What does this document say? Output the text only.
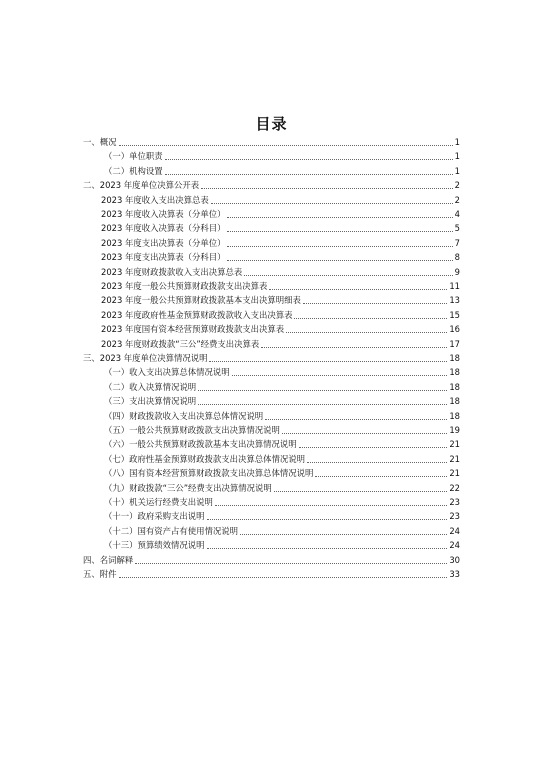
目录
一、概况	1
（一）单位职责	1
（二）机构设置	1
二、2023 年度单位决算公开表	2
2023 年度收入支出决算总表	2
2023 年度收入决算表（分单位）	4
2023 年度收入决算表（分科目）	5
2023 年度支出决算表（分单位）	7
2023 年度支出决算表（分科目）	8
2023 年度财政拨款收入支出决算总表	9
2023 年度一般公共预算财政拨款支出决算表	11
2023 年度一般公共预算财政拨款基本支出决算明细表	13
2023 年度政府性基金预算财政拨款收入支出决算表	15
2023 年度国有资本经营预算财政拨款支出决算表	16
2023 年度财政拨款“三公”经费支出决算表	17
三、2023 年度单位决算情况说明	18
（一）收入支出决算总体情况说明	18
（二）收入决算情况说明	18
（三）支出决算情况说明	18
（四）财政拨款收入支出决算总体情况说明	18
（五）一般公共预算财政拨款支出决算情况说明	19
（六）一般公共预算财政拨款基本支出决算情况说明	21
（七）政府性基金预算财政拨款支出决算总体情况说明	21
（八）国有资本经营预算财政拨款支出决算总体情况说明	21
（九）财政拨款“三公”经费支出决算情况说明	22
（十）机关运行经费支出说明	23
（十一）政府采购支出说明	23
（十二）国有资产占有使用情况说明	24
（十三）预算绩效情况说明	24
四、名词解释	30
五、附件	33
